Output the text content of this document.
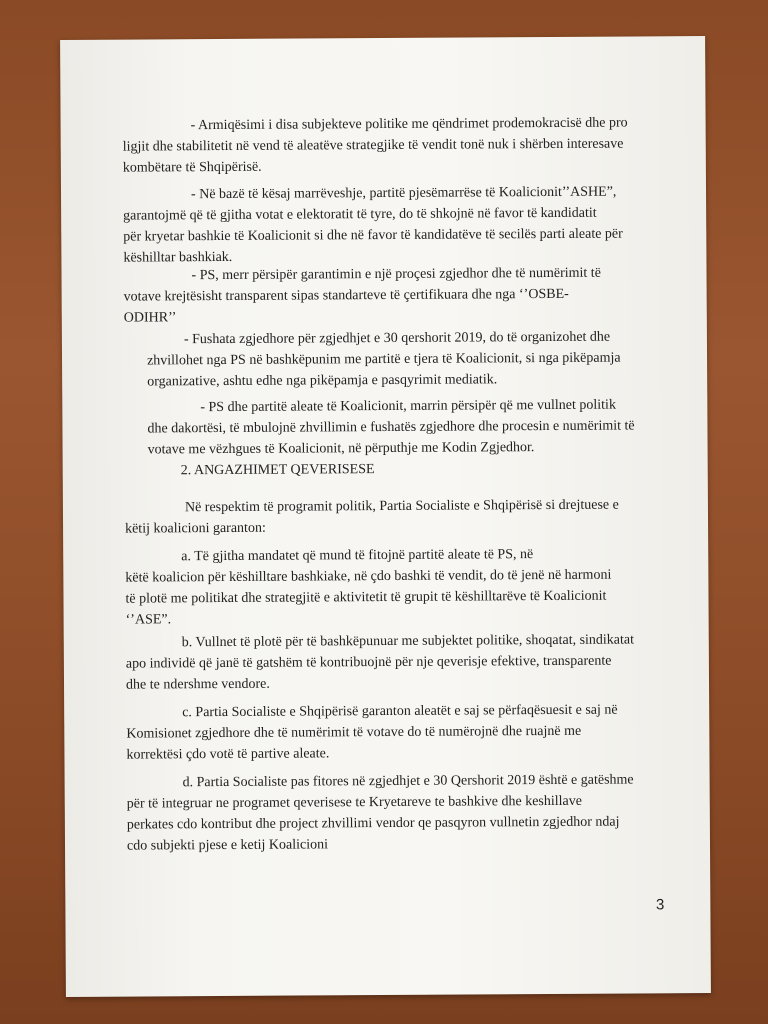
- Armiqësimi i disa subjekteve politike me qëndrimet prodemokracisë dhe pro
ligjit dhe stabilitetit në vend të aleatëve strategjike të vendit tonë nuk i shërben interesave
kombëtare të Shqipërisë.
- Në bazë të kësaj marrëveshje, partitë pjesëmarrëse të Koalicionit’’ASHE”,
garantojmë që të gjitha votat e elektoratit të tyre, do të shkojnë në favor të kandidatit
për kryetar bashkie të Koalicionit si dhe në favor të kandidatëve të secilës parti aleate për
këshilltar bashkiak.
- PS, merr përsipër garantimin e një proçesi zgjedhor dhe të numërimit të
votave krejtësisht transparent sipas standarteve të çertifikuara dhe nga ‘’OSBE-
ODIHR’’
- Fushata zgjedhore për zgjedhjet e 30 qershorit 2019, do të organizohet dhe
zhvillohet nga PS në bashkëpunim me partitë e tjera të Koalicionit, si nga pikëpamja
organizative, ashtu edhe nga pikëpamja e pasqyrimit mediatik.
- PS dhe partitë aleate të Koalicionit, marrin përsipër që me vullnet politik
dhe dakortësi, të mbulojnë zhvillimin e fushatës zgjedhore dhe procesin e numërimit të
votave me vëzhgues të Koalicionit, në përputhje me Kodin Zgjedhor.
2. ANGAZHIMET QEVERISESE
Në respektim të programit politik, Partia Socialiste e Shqipërisë si drejtuese e
këtij koalicioni garanton:
a. Të gjitha mandatet që mund të fitojnë partitë aleate të PS, në
këtë koalicion për këshilltare bashkiake, në çdo bashki të vendit, do të jenë në harmoni
të plotë me politikat dhe strategjitë e aktivitetit të grupit të këshilltarëve të Koalicionit
‘’ASE”.
b. Vullnet të plotë për të bashkëpunuar me subjektet politike, shoqatat, sindikatat
apo individë që janë të gatshëm të kontribuojnë për nje qeverisje efektive, transparente
dhe te ndershme vendore.
c. Partia Socialiste e Shqipërisë garanton aleatët e saj se përfaqësuesit e saj në
Komisionet zgjedhore dhe të numërimit të votave do të numërojnë dhe ruajnë me
korrektësi çdo votë të partive aleate.
d. Partia Socialiste pas fitores në zgjedhjet e 30 Qershorit 2019 është e gatëshme
për të integruar ne programet qeverisese te Kryetareve te bashkive dhe keshillave
perkates cdo kontribut dhe project zhvillimi vendor qe pasqyron vullnetin zgjedhor ndaj
cdo subjekti pjese e ketij Koalicioni
3
